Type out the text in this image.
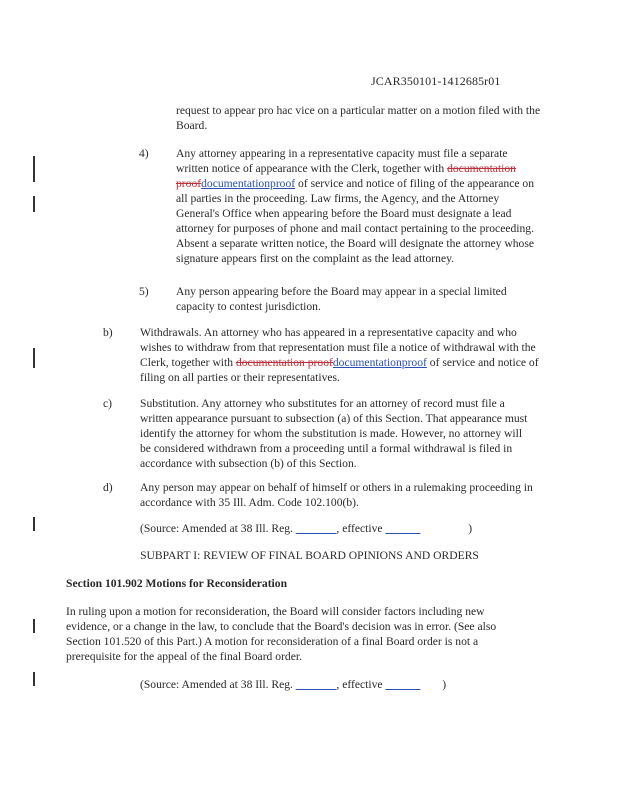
JCAR350101-1412685r01
request to appear pro hac vice on a particular matter on a motion filed with the Board.
4) Any attorney appearing in a representative capacity must file a separate written notice of appearance with the Clerk, together with documentation proofdocumentationproof of service and notice of filing of the appearance on all parties in the proceeding. Law firms, the Agency, and the Attorney General's Office when appearing before the Board must designate a lead attorney for purposes of phone and mail contact pertaining to the proceeding. Absent a separate written notice, the Board will designate the attorney whose signature appears first on the complaint as the lead attorney.
5) Any person appearing before the Board may appear in a special limited capacity to contest jurisdiction.
b) Withdrawals. An attorney who has appeared in a representative capacity and who wishes to withdraw from that representation must file a notice of withdrawal with the Clerk, together with documentation proofdocumentationproof of service and notice of filing on all parties or their representatives.
c) Substitution. Any attorney who substitutes for an attorney of record must file a written appearance pursuant to subsection (a) of this Section. That appearance must identify the attorney for whom the substitution is made. However, no attorney will be considered withdrawn from a proceeding until a formal withdrawal is filed in accordance with subsection (b) of this Section.
d) Any person may appear on behalf of himself or others in a rulemaking proceeding in accordance with 35 Ill. Adm. Code 102.100(b).
(Source: Amended at 38 Ill. Reg. _______, effective ______	)
SUBPART I: REVIEW OF FINAL BOARD OPINIONS AND ORDERS
Section 101.902 Motions for Reconsideration
In ruling upon a motion for reconsideration, the Board will consider factors including new evidence, or a change in the law, to conclude that the Board's decision was in error. (See also Section 101.520 of this Part.) A motion for reconsideration of a final Board order is not a prerequisite for the appeal of the final Board order.
(Source: Amended at 38 Ill. Reg. _______, effective ______ )
